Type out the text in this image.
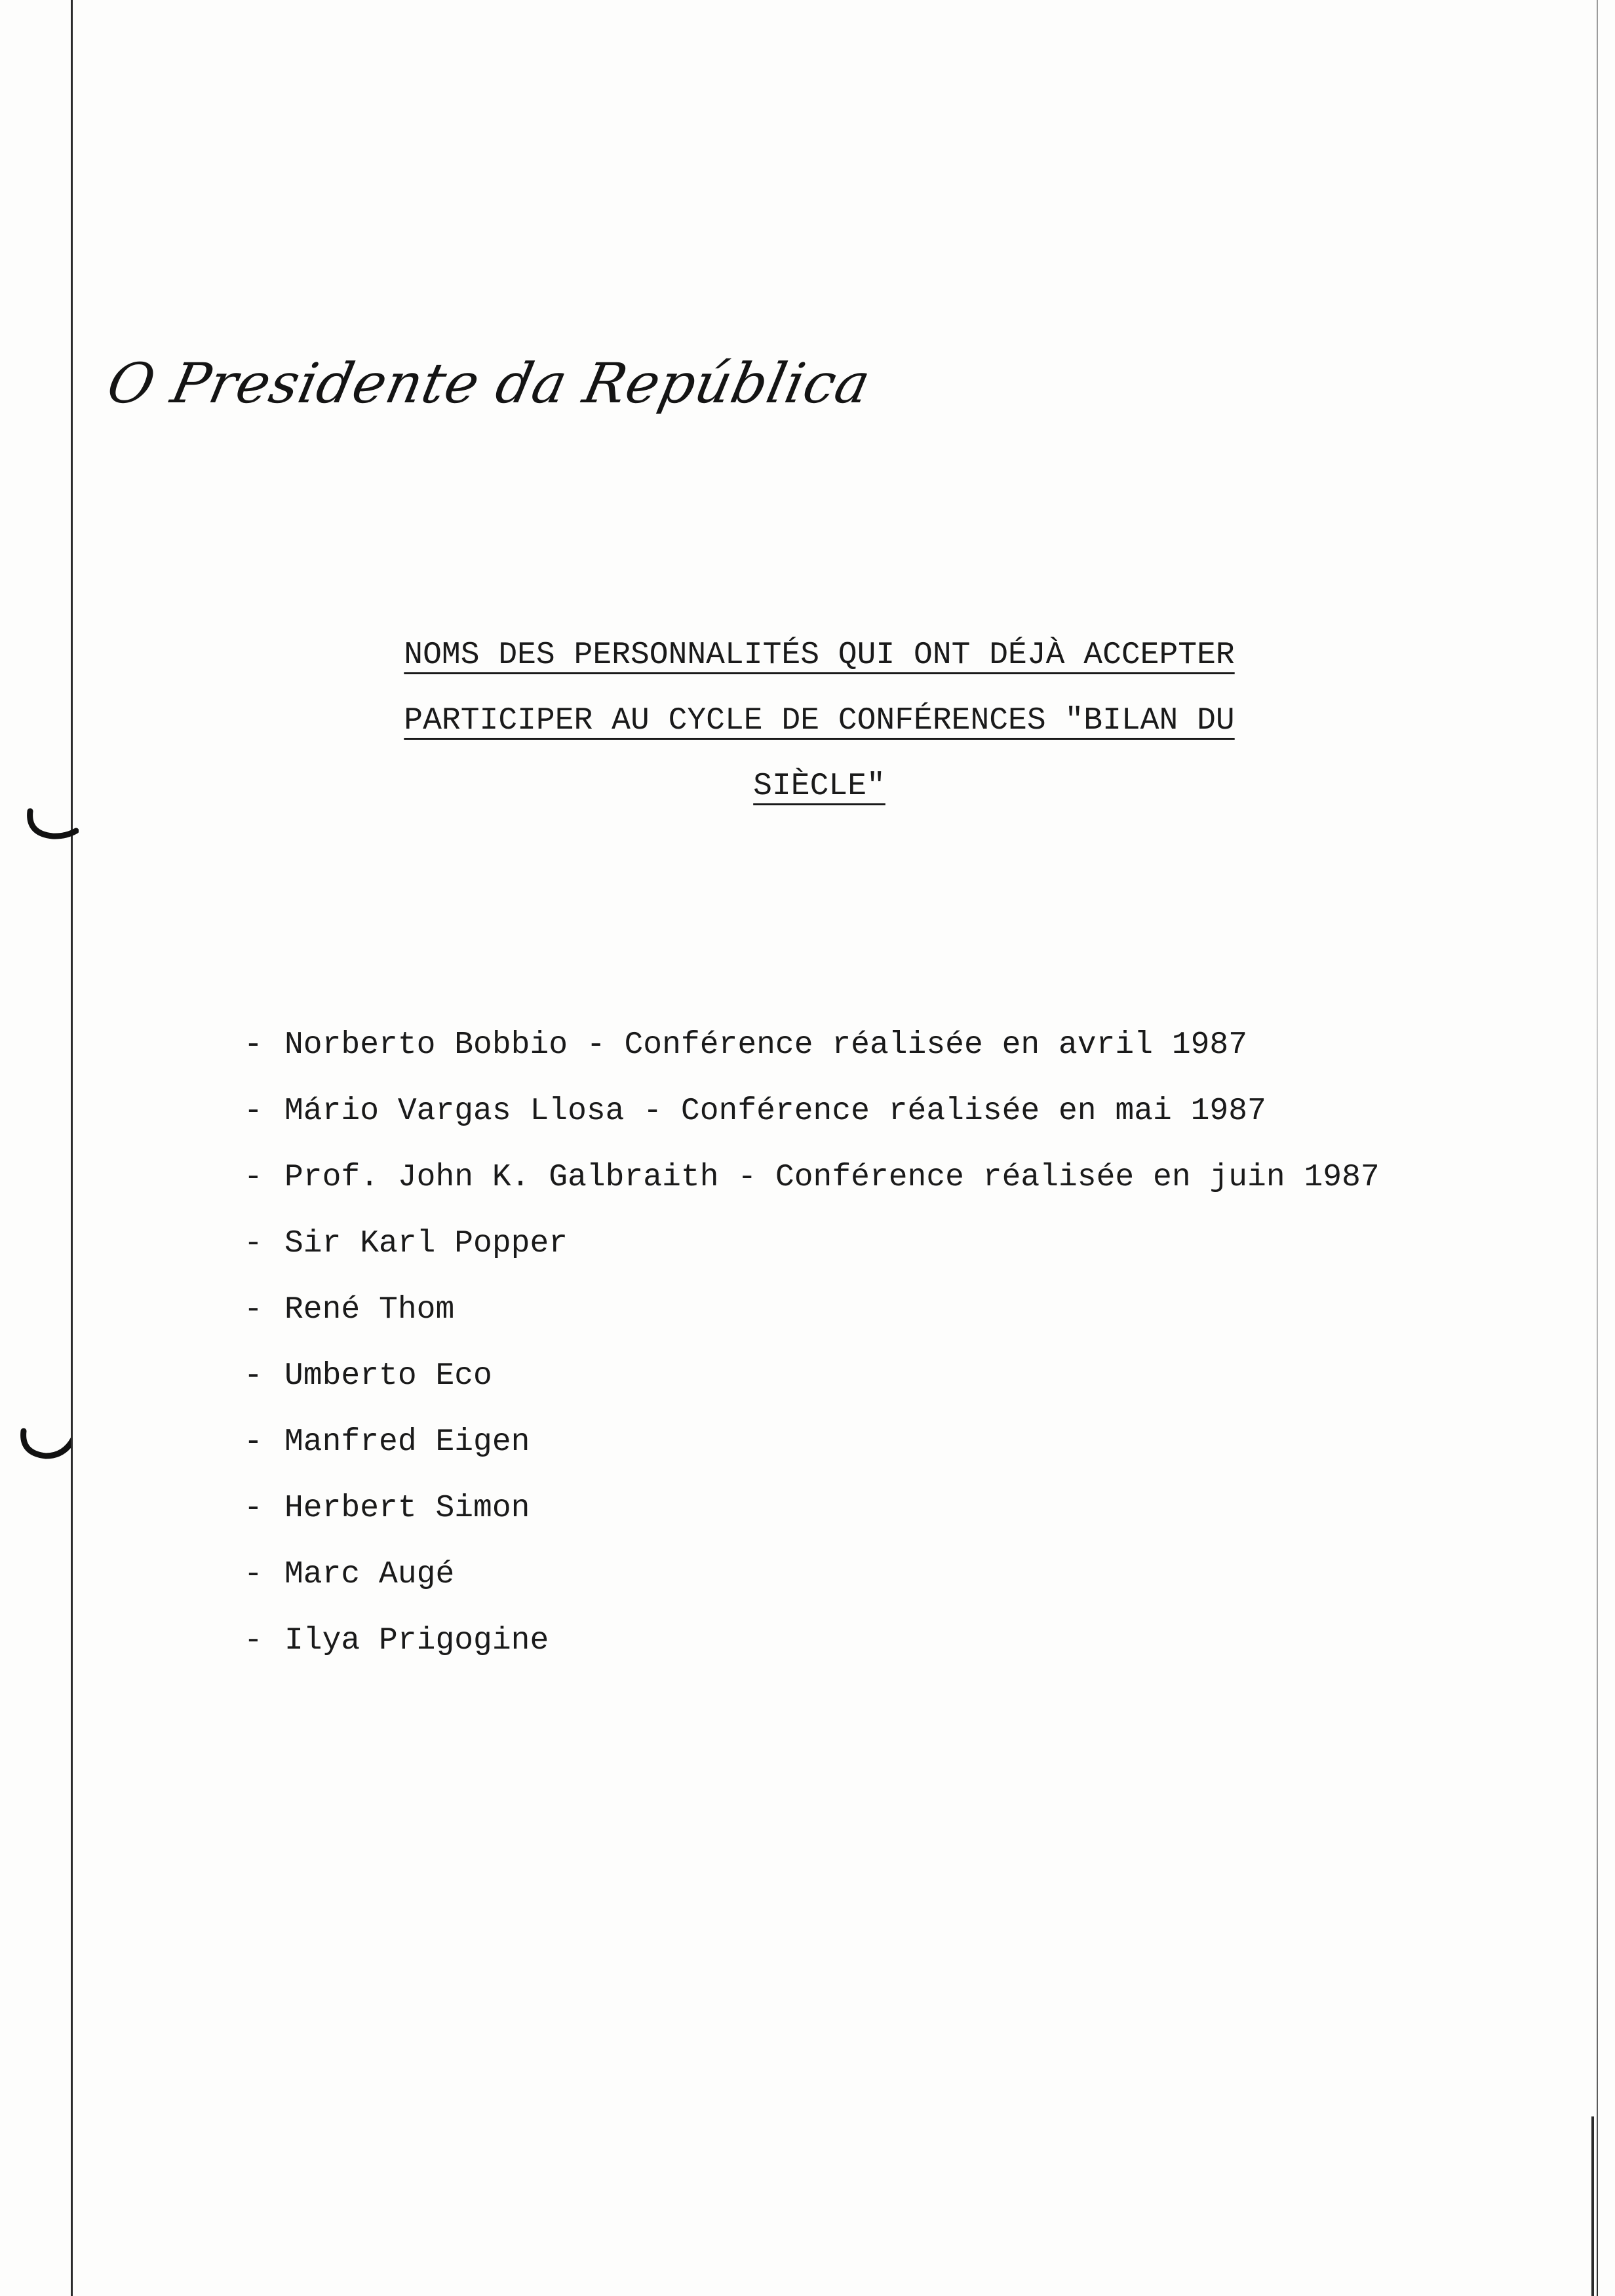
O Presidente da República
NOMS DES PERSONNALITÉS QUI ONT DÉJÀ ACCEPTER
PARTICIPER AU CYCLE DE CONFÉRENCES "BILAN DU
SIÈCLE"
- Norberto Bobbio - Conférence réalisée en avril 1987
- Mário Vargas Llosa - Conférence réalisée en mai 1987
- Prof. John K. Galbraith - Conférence réalisée en juin 1987
- Sir Karl Popper
- René Thom
- Umberto Eco
- Manfred Eigen
- Herbert Simon
- Marc Augé
- Ilya Prigogine
